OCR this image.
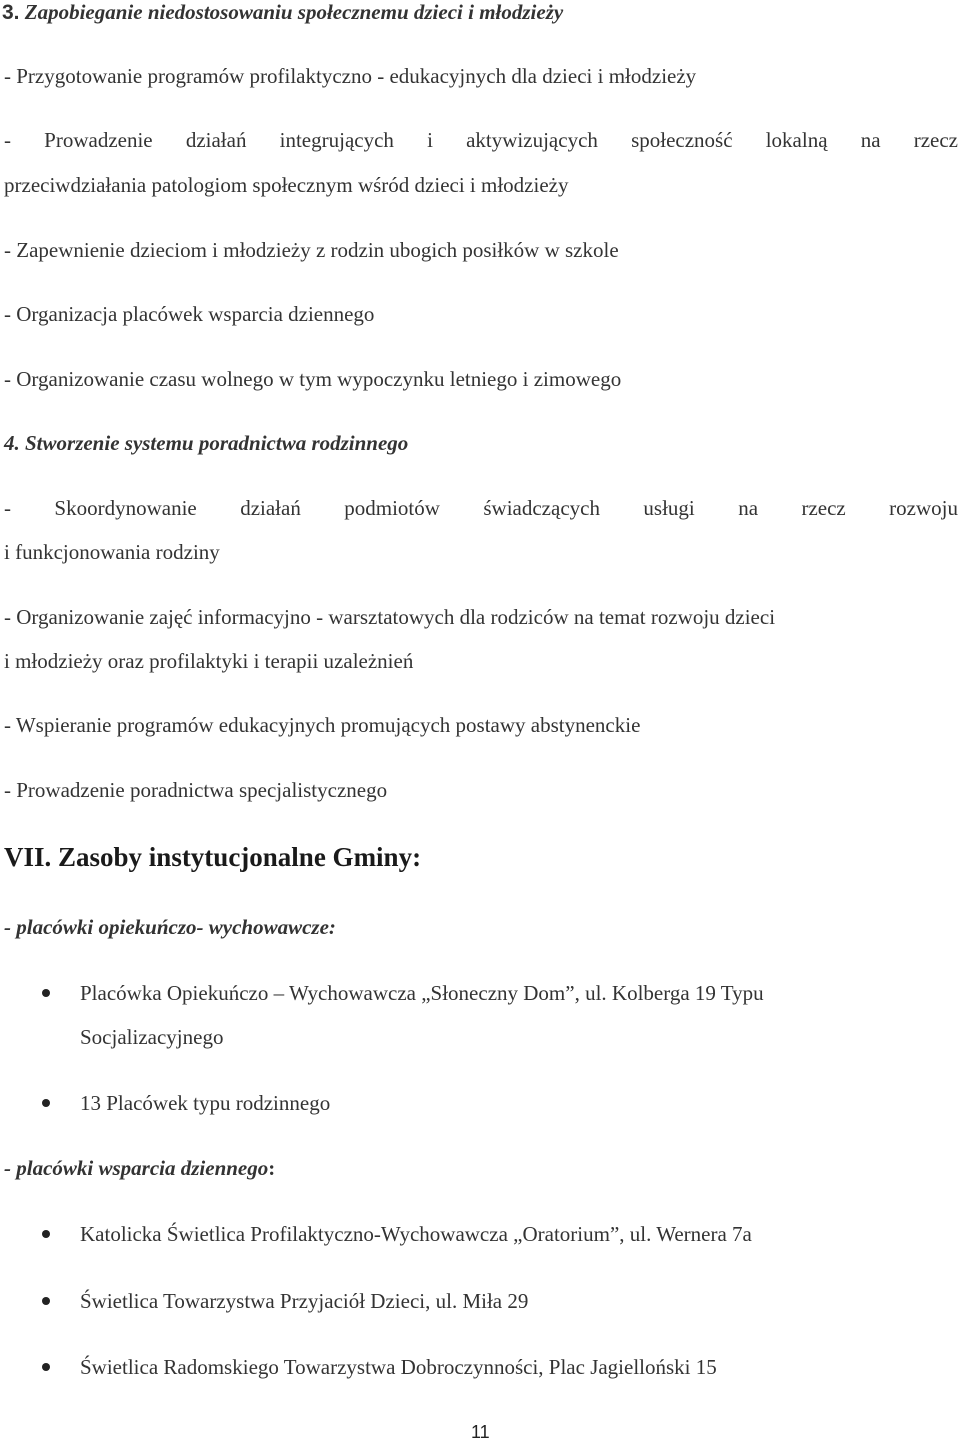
3. Zapobieganie niedostosowaniu społecznemu dzieci i młodzieży
- Przygotowanie programów profilaktyczno - edukacyjnych dla dzieci i młodzieży
- Prowadzenie działań integrujących i aktywizujących społeczność lokalną na rzecz
przeciwdziałania patologiom społecznym wśród dzieci i młodzieży
- Zapewnienie dzieciom i młodzieży z rodzin ubogich posiłków w szkole
- Organizacja placówek wsparcia dziennego
- Organizowanie czasu wolnego w tym wypoczynku letniego i zimowego
4. Stworzenie systemu poradnictwa rodzinnego
- Skoordynowanie działań podmiotów świadczących usługi na rzecz rozwoju
i funkcjonowania rodziny
- Organizowanie zajęć informacyjno - warsztatowych dla rodziców na temat rozwoju dzieci
i młodzieży oraz profilaktyki i terapii uzależnień
- Wspieranie programów edukacyjnych promujących postawy abstynenckie
- Prowadzenie poradnictwa specjalistycznego
VII. Zasoby instytucjonalne Gminy:
- placówki opiekuńczo- wychowawcze:
Placówka Opiekuńczo – Wychowawcza „Słoneczny Dom”, ul. Kolberga 19 Typu
Socjalizacyjnego
13 Placówek typu rodzinnego
- placówki wsparcia dziennego:
Katolicka Świetlica Profilaktyczno-Wychowawcza „Oratorium”, ul. Wernera 7a
Świetlica Towarzystwa Przyjaciół Dzieci, ul. Miła 29
Świetlica Radomskiego Towarzystwa Dobroczynności, Plac Jagielloński 15
11
